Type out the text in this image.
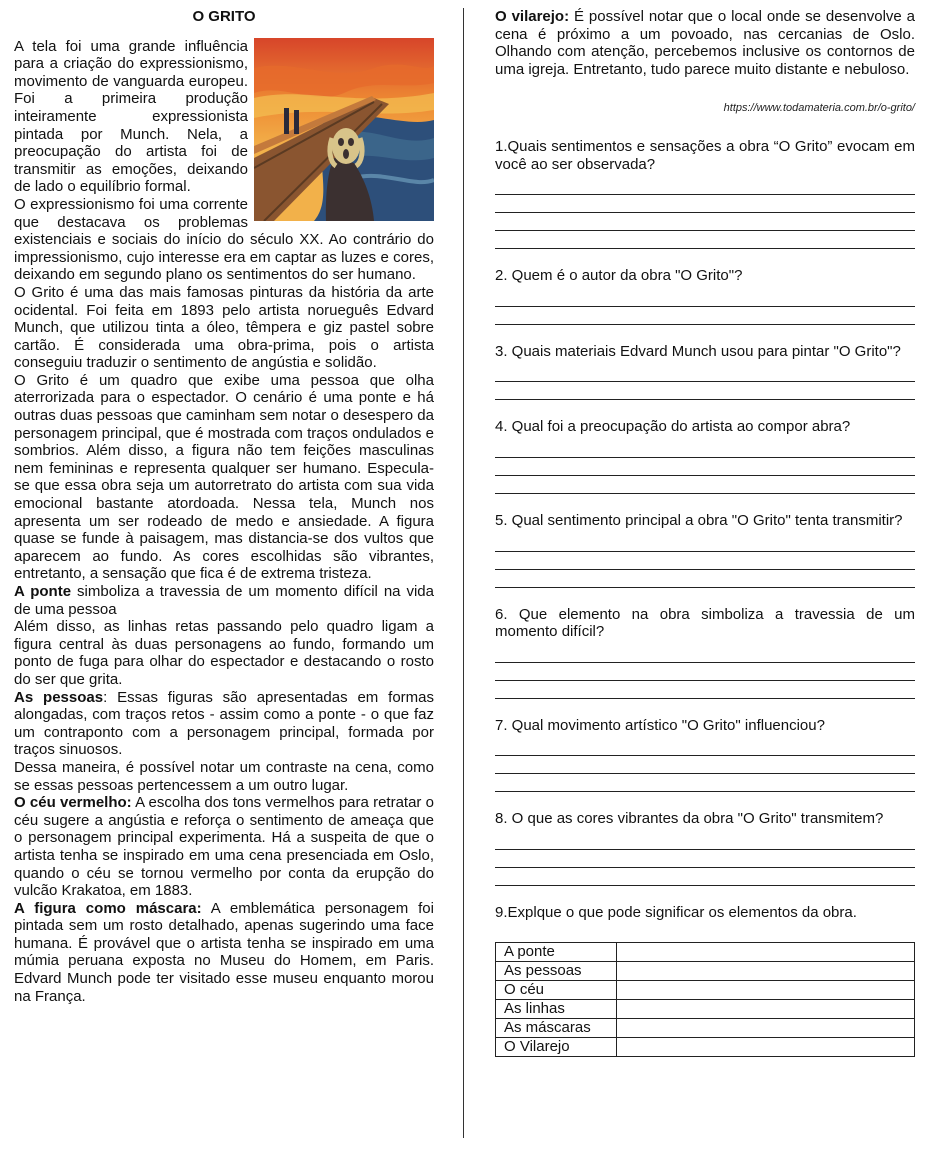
O GRITO

A tela foi uma grande influência para a criação do expressionismo, movimento de vanguarda europeu. Foi a primeira produção inteiramente expressionista pintada por Munch. Nela, a preocupação do artista foi de transmitir as emoções, deixando de lado o equilíbrio formal.

O expressionismo foi uma corrente que destacava os problemas existenciais e sociais do início do século XX. Ao contrário do impressionismo, cujo interesse era em captar as luzes e cores, deixando em segundo plano os sentimentos do ser humano.

O Grito é uma das mais famosas pinturas da história da arte ocidental. Foi feita em 1893 pelo artista norueguês Edvard Munch, que utilizou tinta a óleo, têmpera e giz pastel sobre cartão. É considerada uma obra-prima, pois o artista conseguiu traduzir o sentimento de angústia e solidão.

O Grito é um quadro que exibe uma pessoa que olha aterrorizada para o espectador. O cenário é uma ponte e há outras duas pessoas que caminham sem notar o desespero da personagem principal, que é mostrada com traços ondulados e sombrios. Além disso, a figura não tem feições masculinas nem femininas e representa qualquer ser humano. Especula-se que essa obra seja um autorretrato do artista com sua vida emocional bastante atordoada. Nessa tela, Munch nos apresenta um ser rodeado de medo e ansiedade. A figura quase se funde à paisagem, mas distancia-se dos vultos que aparecem ao fundo. As cores escolhidas são vibrantes, entretanto, a sensação que fica é de extrema tristeza.

A ponte simboliza a travessia de um momento difícil na vida de uma pessoa

Além disso, as linhas retas passando pelo quadro ligam a figura central às duas personagens ao fundo, formando um ponto de fuga para olhar do espectador e destacando o rosto do ser que grita.

As pessoas: Essas figuras são apresentadas em formas alongadas, com traços retos - assim como a ponte - o que faz um contraponto com a personagem principal, formada por traços sinuosos.

Dessa maneira, é possível notar um contraste na cena, como se essas pessoas pertencessem a um outro lugar.

O céu vermelho: A escolha dos tons vermelhos para retratar o céu sugere a angústia e reforça o sentimento de ameaça que o personagem principal experimenta. Há a suspeita de que o artista tenha se inspirado em uma cena presenciada em Oslo, quando o céu se tornou vermelho por conta da erupção do vulcão Krakatoa, em 1883.

A figura como máscara: A emblemática personagem foi pintada sem um rosto detalhado, apenas sugerindo uma face humana. É provável que o artista tenha se inspirado em uma múmia peruana exposta no Museu do Homem, em Paris. Edvard Munch pode ter visitado esse museu enquanto morou na França.

O vilarejo: É possível notar que o local onde se desenvolve a cena é próximo a um povoado, nas cercanias de Oslo. Olhando com atenção, percebemos inclusive os contornos de uma igreja. Entretanto, tudo parece muito distante e nebuloso.

https://www.todamateria.com.br/o-grito/

1.Quais sentimentos e sensações a obra “O Grito” evocam em você ao ser observada?

2. Quem é o autor da obra "O Grito"?

3. Quais materiais Edvard Munch usou para pintar "O Grito"?

4. Qual foi a preocupação do artista ao compor abra?

5. Qual sentimento principal a obra "O Grito" tenta transmitir?

6. Que elemento na obra simboliza a travessia de um momento difícil?

7. Qual movimento artístico "O Grito" influenciou?

8. O que as cores vibrantes da obra "O Grito" transmitem?

9.Explque o que pode significar os elementos da obra.

A ponte	
As pessoas	
O céu	
As linhas	
As máscaras	
O Vilarejo	
